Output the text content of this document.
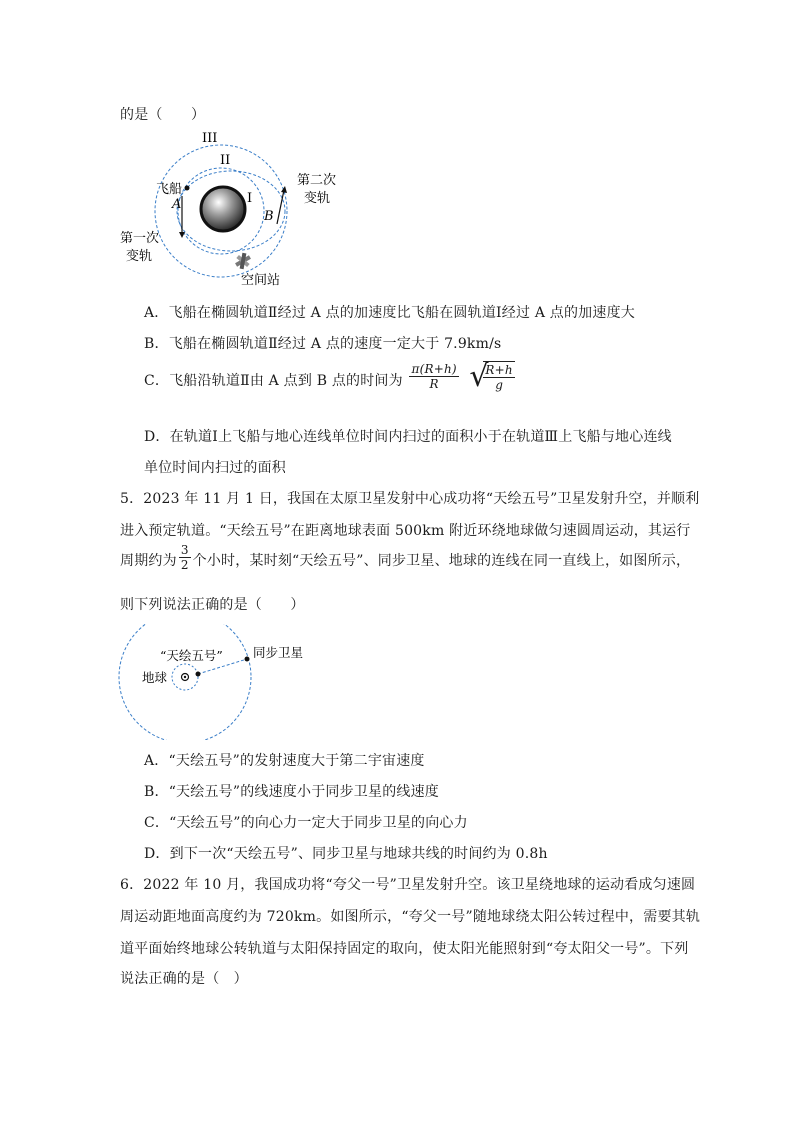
的是（　　）
III
II
I
A
B
飞船
第一次
变轨
第二次
变轨
空间站
A．飞船在椭圆轨道Ⅱ经过 A 点的加速度比飞船在圆轨道Ⅰ经过 A 点的加速度大
B．飞船在椭圆轨道Ⅱ经过 A 点的速度一定大于 7.9km/s
C．飞船沿轨道Ⅱ由 A 点到 B 点的时间为 $\frac{\pi(R+h)}{R}$
√
$\frac{R+h}{g}$
D．在轨道Ⅰ上飞船与地心连线单位时间内扫过的面积小于在轨道Ⅲ上飞船与地心连线
单位时间内扫过的面积
5．2023 年 11 月 1 日，我国在太原卫星发射中心成功将“天绘五号”卫星发射升空，并顺利
进入预定轨道。“天绘五号”在距离地球表面 500km 附近环绕地球做匀速圆周运动，其运行
周期约为 $\frac{3}{2}$ 个小时，某时刻“天绘五号”、同步卫星、地球的连线在同一直线上，如图所示，
则下列说法正确的是（　　）
“天绘五号” 同步卫星
地球
A．“天绘五号”的发射速度大于第二宇宙速度
B．“天绘五号”的线速度小于同步卫星的线速度
C．“天绘五号”的向心力一定大于同步卫星的向心力
D．到下一次“天绘五号”、同步卫星与地球共线的时间约为 0.8h
6．2022 年 10 月，我国成功将“夸父一号”卫星发射升空。该卫星绕地球的运动看成匀速圆
周运动距地面高度约为 720km。如图所示，“夸父一号”随地球绕太阳公转过程中，需要其轨
道平面始终地球公转轨道与太阳保持固定的取向，使太阳光能照射到“夸太阳父一号”。下列
说法正确的是（　）
